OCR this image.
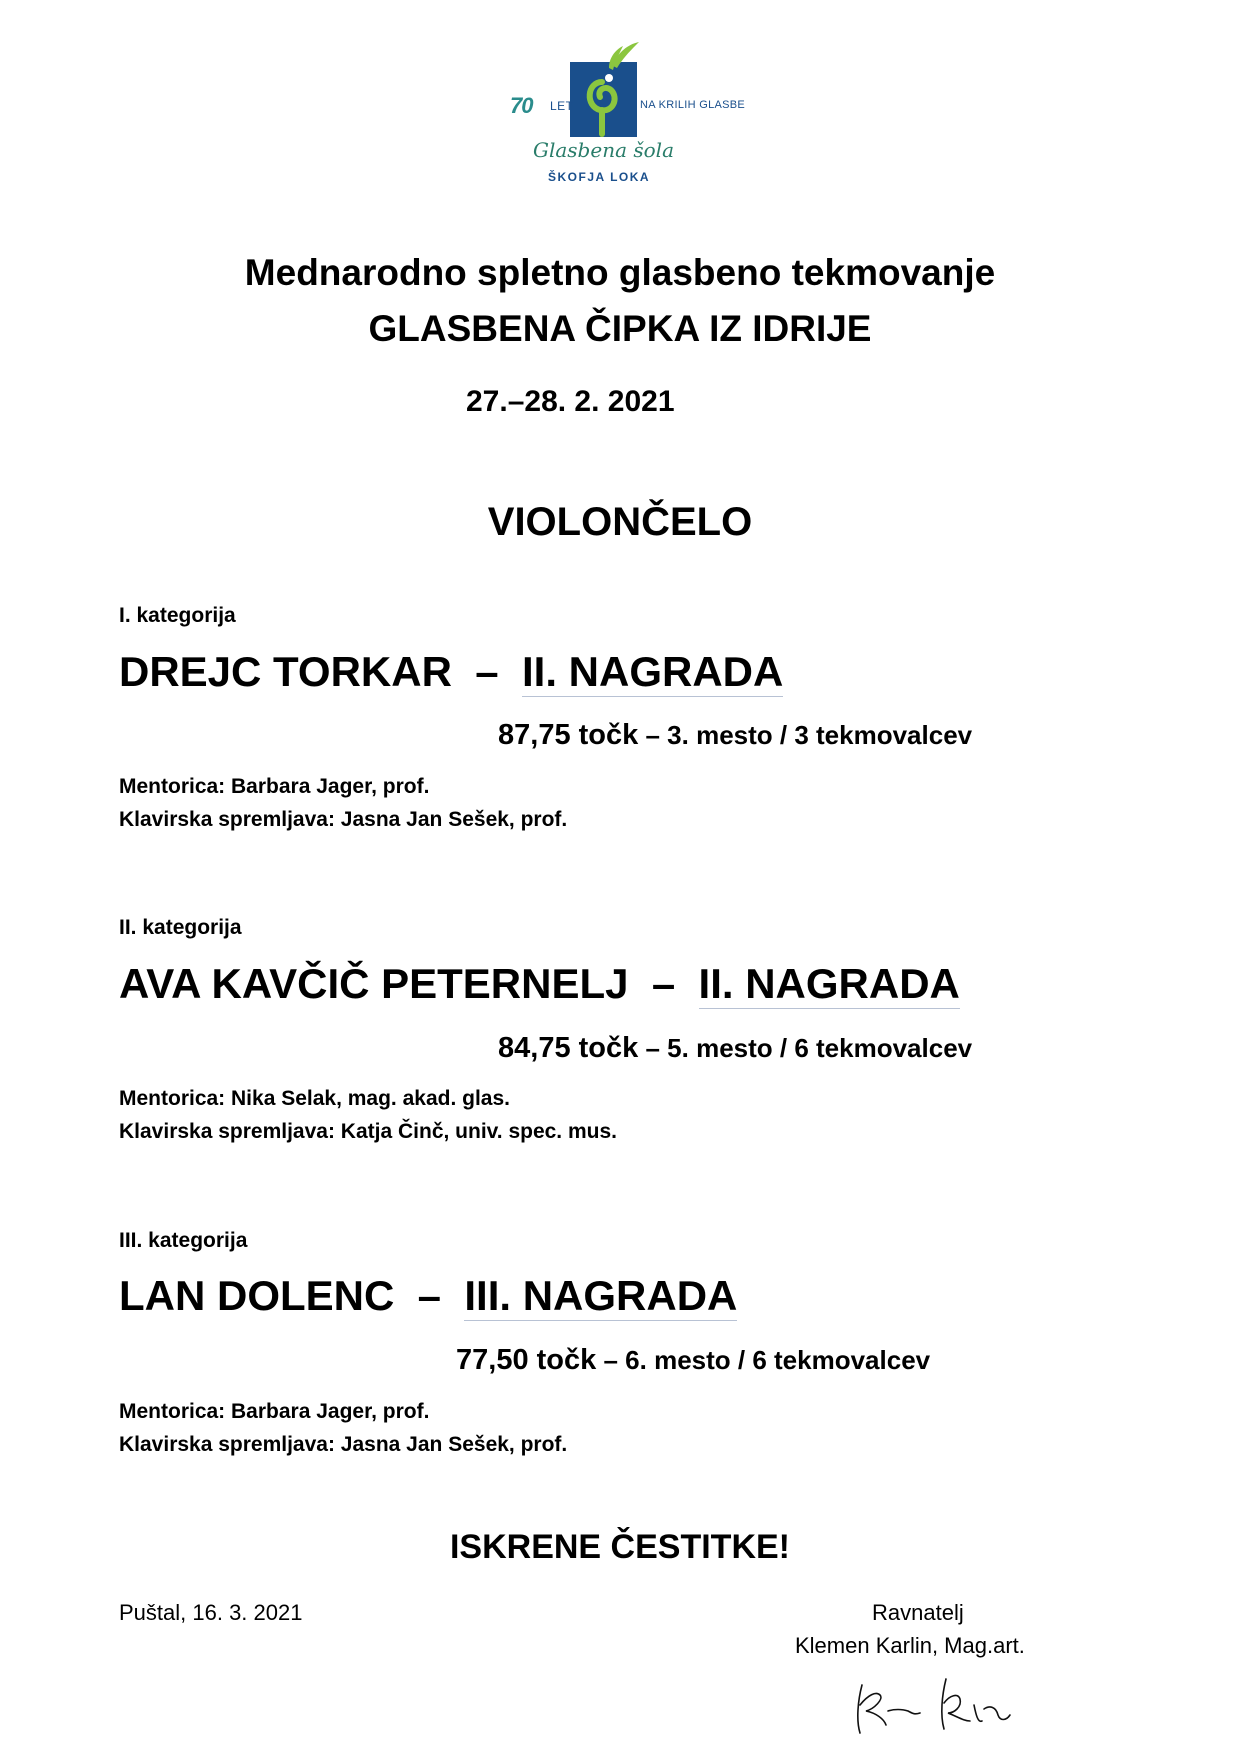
70 LET	NA KRILIH GLASBE
Glasbena šola
ŠKOFJA LOKA
Mednarodno spletno glasbeno tekmovanje
GLASBENA ČIPKA IZ IDRIJE
27.–28. 2. 2021
VIOLONČELO
I. kategorija
DREJC TORKAR – II. NAGRADA
87,75 točk – 3. mesto / 3 tekmovalcev
Mentorica: Barbara Jager, prof.
Klavirska spremljava: Jasna Jan Sešek, prof.
II. kategorija
AVA KAVČIČ PETERNELJ – II. NAGRADA
84,75 točk – 5. mesto / 6 tekmovalcev
Mentorica: Nika Selak, mag. akad. glas.
Klavirska spremljava: Katja Činč, univ. spec. mus.
III. kategorija
LAN DOLENC – III. NAGRADA
77,50 točk – 6. mesto / 6 tekmovalcev
Mentorica: Barbara Jager, prof.
Klavirska spremljava: Jasna Jan Sešek, prof.
ISKRENE ČESTITKE!
Puštal, 16. 3. 2021	Ravnatelj
Klemen Karlin, Mag.art.
